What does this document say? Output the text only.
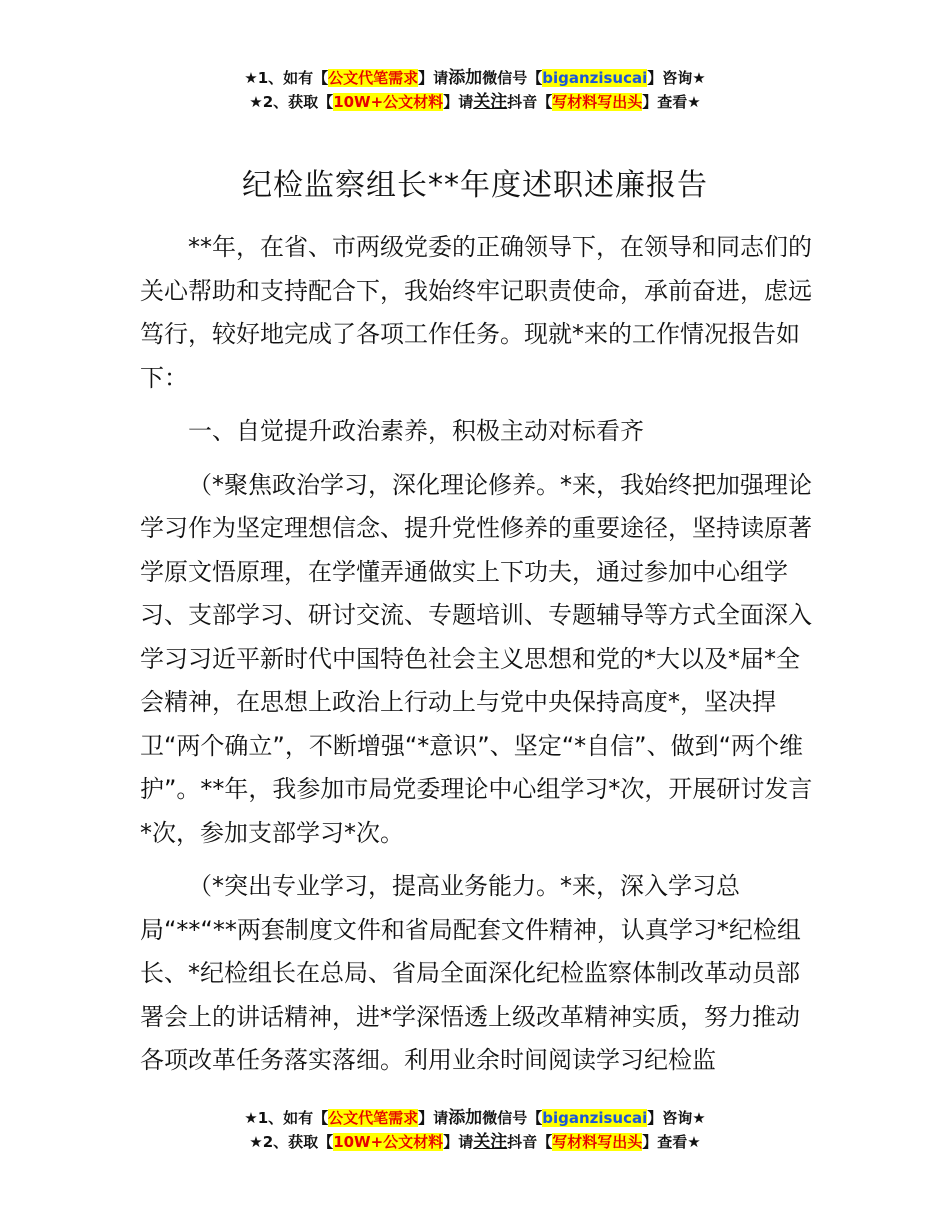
★1、如有【公文代笔需求】请添加微信号【biganzisucai】咨询★
★2、获取【10W+公文材料】请关注抖音【写材料写出头】查看★
纪检监察组长**年度述职述廉报告

**年，在省、市两级党委的正确领导下，在领导和同志们的关心帮助和支持配合下，我始终牢记职责使命，承前奋进，虑远笃行，较好地完成了各项工作任务。现就*来的工作情况报告如下：

一、自觉提升政治素养，积极主动对标看齐

（*聚焦政治学习，深化理论修养。*来，我始终把加强理论学习作为坚定理想信念、提升党性修养的重要途径，坚持读原著学原文悟原理，在学懂弄通做实上下功夫，通过参加中心组学习、支部学习、研讨交流、专题培训、专题辅导等方式全面深入学习习近平新时代中国特色社会主义思想和党的*大以及*届*全会精神，在思想上政治上行动上与党中央保持高度*，坚决捍卫“两个确立”，不断增强“*意识”、坚定“*自信”、做到“两个维护”。**年，我参加市局党委理论中心组学习*次，开展研讨发言*次，参加支部学习*次。

（*突出专业学习，提高业务能力。*来，深入学习总局“**“**两套制度文件和省局配套文件精神，认真学习*纪检组长、*纪检组长在总局、省局全面深化纪检监察体制改革动员部署会上的讲话精神，进*学深悟透上级改革精神实质，努力推动各项改革任务落实落细。利用业余时间阅读学习纪检监

★1、如有【公文代笔需求】请添加微信号【biganzisucai】咨询★
★2、获取【10W+公文材料】请关注抖音【写材料写出头】查看★
